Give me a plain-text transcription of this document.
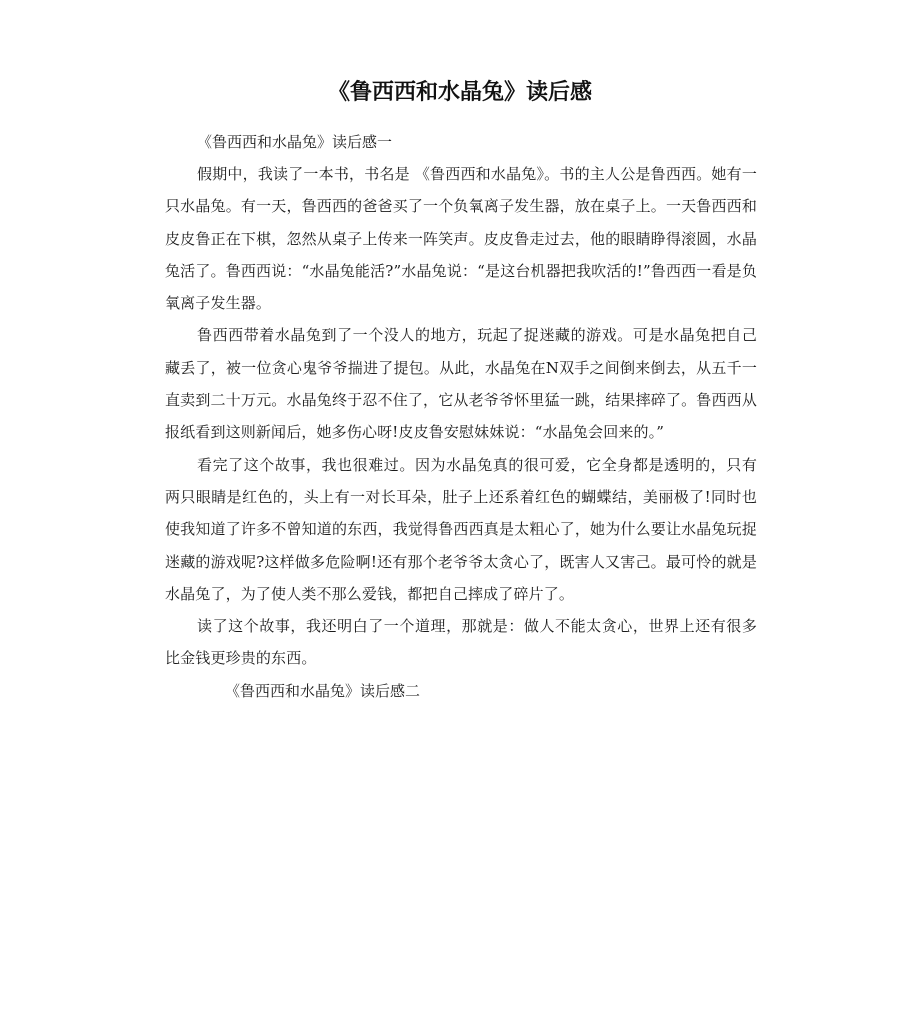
《鲁西西和水晶兔》读后感

《鲁西西和水晶兔》读后感一

假期中，我读了一本书，书名是 《鲁西西和水晶兔》。书的主人公是鲁西西。她有一只水晶兔。有一天，鲁西西的爸爸买了一个负氧离子发生器，放在桌子上。一天鲁西西和皮皮鲁正在下棋，忽然从桌子上传来一阵笑声。皮皮鲁走过去，他的眼睛睁得滚圆，水晶兔活了。鲁西西说：“水晶兔能活?”水晶兔说：“是这台机器把我吹活的!”鲁西西一看是负氧离子发生器。

鲁西西带着水晶兔到了一个没人的地方，玩起了捉迷藏的游戏。可是水晶兔把自己藏丢了，被一位贪心鬼爷爷揣进了提包。从此，水晶兔在N双手之间倒来倒去，从五千一直卖到二十万元。水晶兔终于忍不住了，它从老爷爷怀里猛一跳，结果摔碎了。鲁西西从报纸看到这则新闻后，她多伤心呀!皮皮鲁安慰妹妹说：“水晶兔会回来的。”

看完了这个故事，我也很难过。因为水晶兔真的很可爱，它全身都是透明的，只有两只眼睛是红色的，头上有一对长耳朵，肚子上还系着红色的蝴蝶结，美丽极了!同时也使我知道了许多不曾知道的东西，我觉得鲁西西真是太粗心了，她为什么要让水晶兔玩捉迷藏的游戏呢?这样做多危险啊!还有那个老爷爷太贪心了，既害人又害己。最可怜的就是水晶兔了，为了使人类不那么爱钱，都把自己摔成了碎片了。

读了这个故事，我还明白了一个道理，那就是：做人不能太贪心，世界上还有很多比金钱更珍贵的东西。

《鲁西西和水晶兔》读后感二
